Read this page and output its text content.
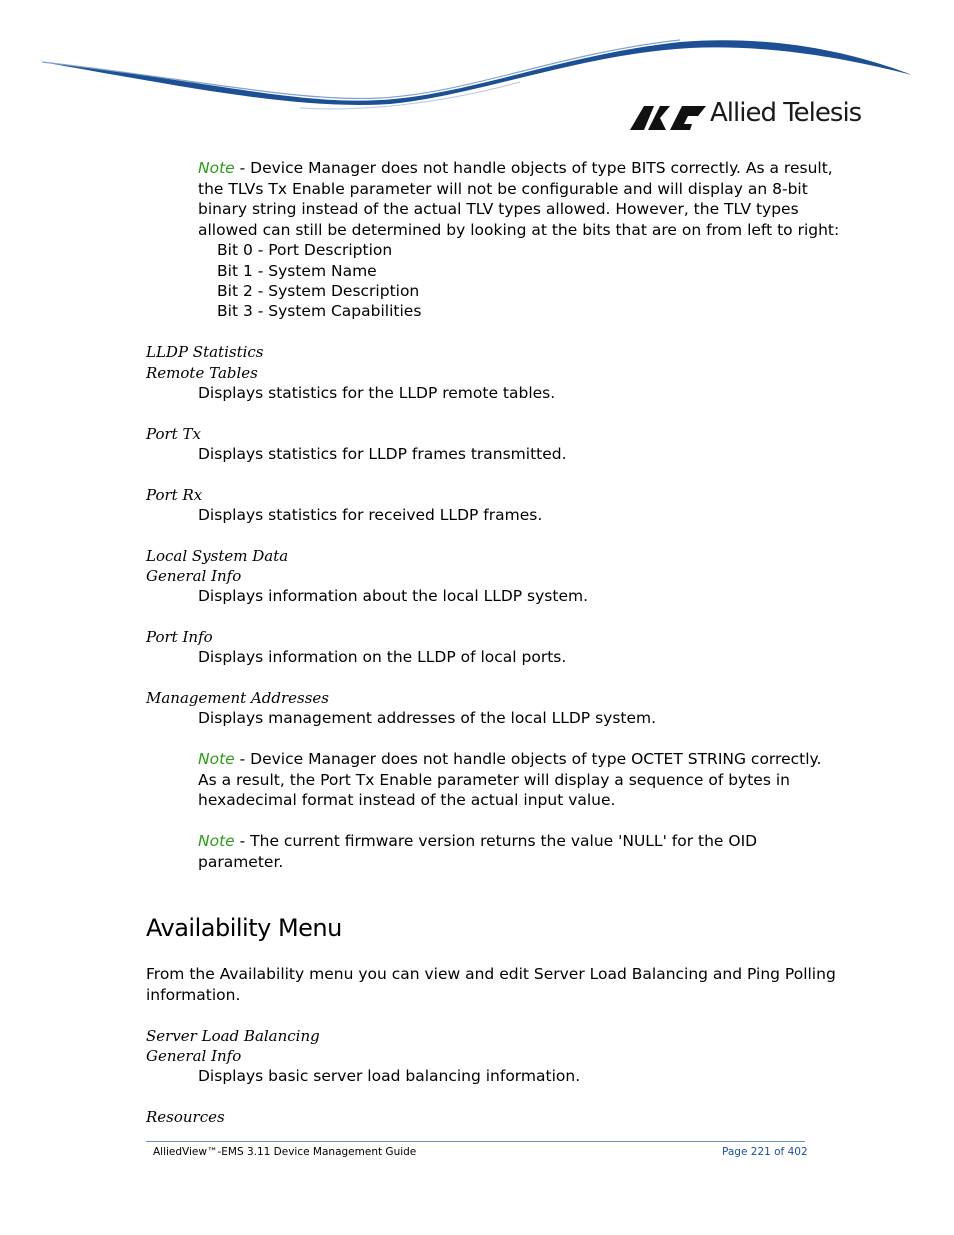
Allied Telesis
Note - Device Manager does not handle objects of type BITS correctly. As a result,
the TLVs Tx Enable parameter will not be configurable and will display an 8-bit
binary string instead of the actual TLV types allowed. However, the TLV types
allowed can still be determined by looking at the bits that are on from left to right:
Bit 0 - Port Description
Bit 1 - System Name
Bit 2 - System Description
Bit 3 - System Capabilities
LLDP Statistics
Remote Tables
Displays statistics for the LLDP remote tables.
Port Tx
Displays statistics for LLDP frames transmitted.
Port Rx
Displays statistics for received LLDP frames.
Local System Data
General Info
Displays information about the local LLDP system.
Port Info
Displays information on the LLDP of local ports.
Management Addresses
Displays management addresses of the local LLDP system.
Note - Device Manager does not handle objects of type OCTET STRING correctly.
As a result, the Port Tx Enable parameter will display a sequence of bytes in
hexadecimal format instead of the actual input value.
Note - The current firmware version returns the value 'NULL' for the OID
parameter.
Availability Menu
From the Availability menu you can view and edit Server Load Balancing and Ping Polling
information.
Server Load Balancing
General Info
Displays basic server load balancing information.
Resources
AlliedView™-EMS 3.11 Device Management Guide	Page 221 of 402
